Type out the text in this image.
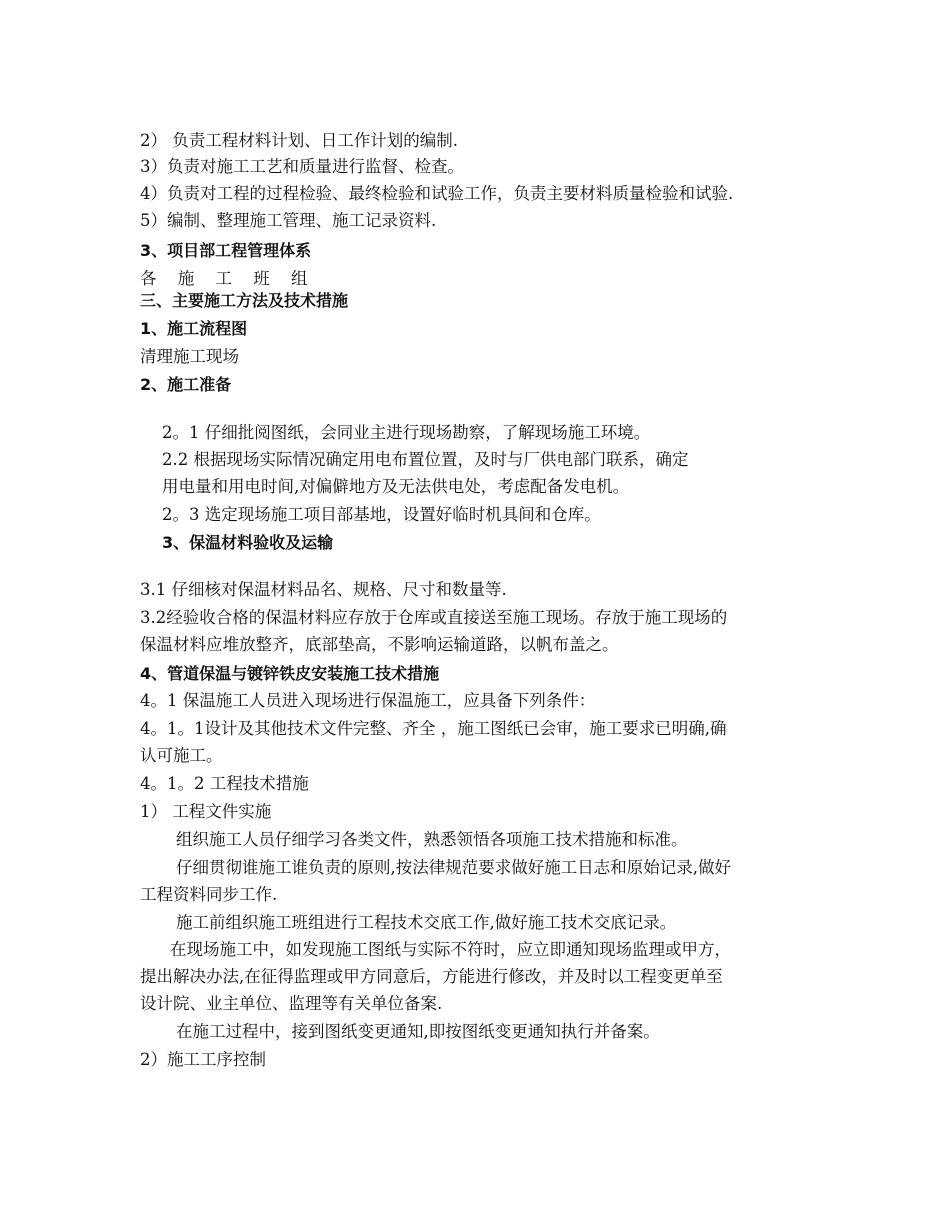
2） 负责工程材料计划、日工作计划的编制.
3）负责对施工工艺和质量进行监督、检查。
4）负责对工程的过程检验、最终检验和试验工作，负责主要材料质量检验和试验.
5）编制、整理施工管理、施工记录资料.
3、项目部工程管理体系
各 施 工 班 组
三、主要施工方法及技术措施
1、施工流程图
清理施工现场
2、施工准备
2。1 仔细批阅图纸，会同业主进行现场勘察，了解现场施工环境。
2.2 根据现场实际情况确定用电布置位置，及时与厂供电部门联系，确定
用电量和用电时间,对偏僻地方及无法供电处，考虑配备发电机。
2。3 选定现场施工项目部基地，设置好临时机具间和仓库。
3、保温材料验收及运输
3.1 仔细核对保温材料品名、规格、尺寸和数量等.
3.2经验收合格的保温材料应存放于仓库或直接送至施工现场。存放于施工现场的
保温材料应堆放整齐，底部垫高，不影响运输道路，以帆布盖之。
4、管道保温与镀锌铁皮安装施工技术措施
4。1 保温施工人员进入现场进行保温施工，应具备下列条件：
4。1。1设计及其他技术文件完整、齐全 ，施工图纸已会审，施工要求已明确,确
认可施工。
4。1。2 工程技术措施
1） 工程文件实施
组织施工人员仔细学习各类文件，熟悉领悟各项施工技术措施和标准。
仔细贯彻谁施工谁负责的原则,按法律规范要求做好施工日志和原始记录,做好
工程资料同步工作.
施工前组织施工班组进行工程技术交底工作,做好施工技术交底记录。
在现场施工中，如发现施工图纸与实际不符时，应立即通知现场监理或甲方，
提出解决办法,在征得监理或甲方同意后，方能进行修改，并及时以工程变更单至
设计院、业主单位、监理等有关单位备案.
在施工过程中，接到图纸变更通知,即按图纸变更通知执行并备案。
2）施工工序控制
